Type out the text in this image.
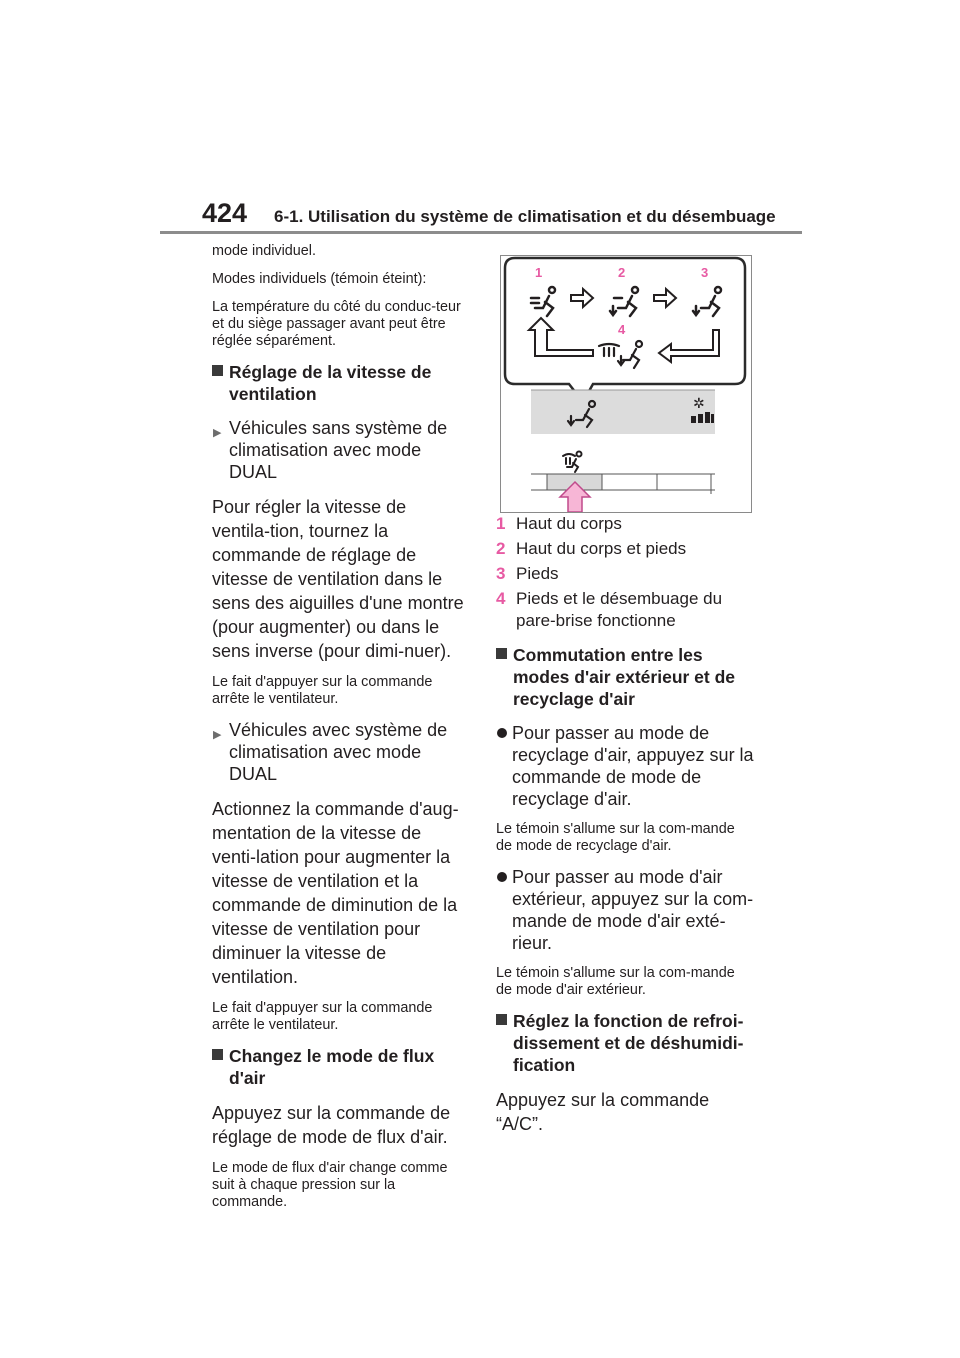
424 6-1. Utilisation du système de climatisation et du désembuage

mode individuel.

Modes individuels (témoin éteint):

La température du côté du conduc-teur et du siège passager avant peut être réglée séparément.

Réglage de la vitesse de ventilation
▶ Véhicules sans système de climatisation avec mode DUAL

Pour régler la vitesse de ventila-tion, tournez la commande de réglage de vitesse de ventilation dans le sens des aiguilles d'une montre (pour augmenter) ou dans le sens inverse (pour dimi-nuer).

Le fait d'appuyer sur la commande arrête le ventilateur.

▶ Véhicules avec système de climatisation avec mode DUAL

Actionnez la commande d'aug-mentation de la vitesse de venti-lation pour augmenter la vitesse de ventilation et la commande de diminution de la vitesse de ventilation pour diminuer la vitesse de ventilation.

Le fait d'appuyer sur la commande arrête le ventilateur.

Changez le mode de flux d'air

Appuyez sur la commande de réglage de mode de flux d'air.

Le mode de flux d'air change comme suit à chaque pression sur la commande.

1	2	3
4
✲
1 Haut du corps
2 Haut du corps et pieds
3 Pieds
4 Pieds et le désembuage du pare-brise fonctionne
Commutation entre les modes d'air extérieur et de recyclage d'air
Pour passer au mode de recyclage d'air, appuyez sur la commande de mode de recyclage d'air.

Le témoin s'allume sur la com-mande de mode de recyclage d'air.

Pour passer au mode d'air extérieur, appuyez sur la com-mande de mode d'air exté-rieur.

Le témoin s'allume sur la com-mande de mode d'air extérieur.

Réglez la fonction de refroi-dissement et de déshumidi-fication

Appuyez sur la commande “A/C”.
